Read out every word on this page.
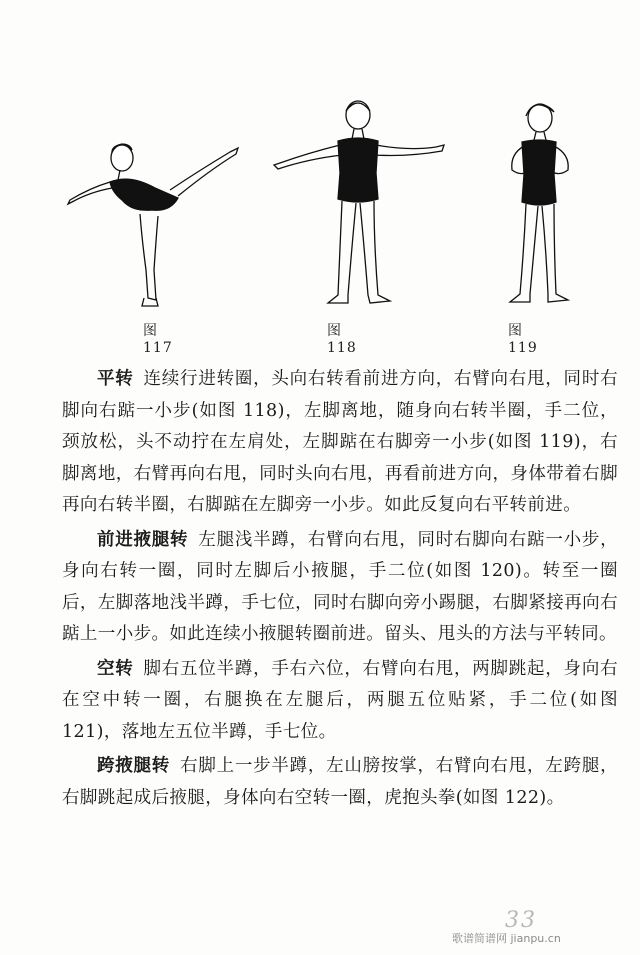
图　117
图　118
图　119

平转 连续行进转圈，头向右转看前进方向，右臂向右甩，同时右脚向右踮一小步(如图 118)，左脚离地，随身向右转半圈，手二位，颈放松，头不动拧在左肩处，左脚踮在右脚旁一小步(如图 119)，右脚离地，右臂再向右甩，同时头向右甩，再看前进方向，身体带着右脚再向右转半圈，右脚踮在左脚旁一小步。如此反复向右平转前进。

前进掖腿转 左腿浅半蹲，右臂向右甩，同时右脚向右踮一小步，身向右转一圈，同时左脚后小掖腿，手二位(如图 120)。转至一圈后，左脚落地浅半蹲，手七位，同时右脚向旁小踢腿，右脚紧接再向右踮上一小步。如此连续小掖腿转圈前进。留头、甩头的方法与平转同。

空转 脚右五位半蹲，手右六位，右臂向右甩，两脚跳起，身向右在空中转一圈，右腿换在左腿后，两腿五位贴紧，手二位(如图 121)，落地左五位半蹲，手七位。

跨掖腿转 右脚上一步半蹲，左山膀按掌，右臂向右甩，左跨腿，右脚跳起成后掖腿，身体向右空转一圈，虎抱头拳(如图 122)。

33
歌谱简谱网 jianpu.cn
